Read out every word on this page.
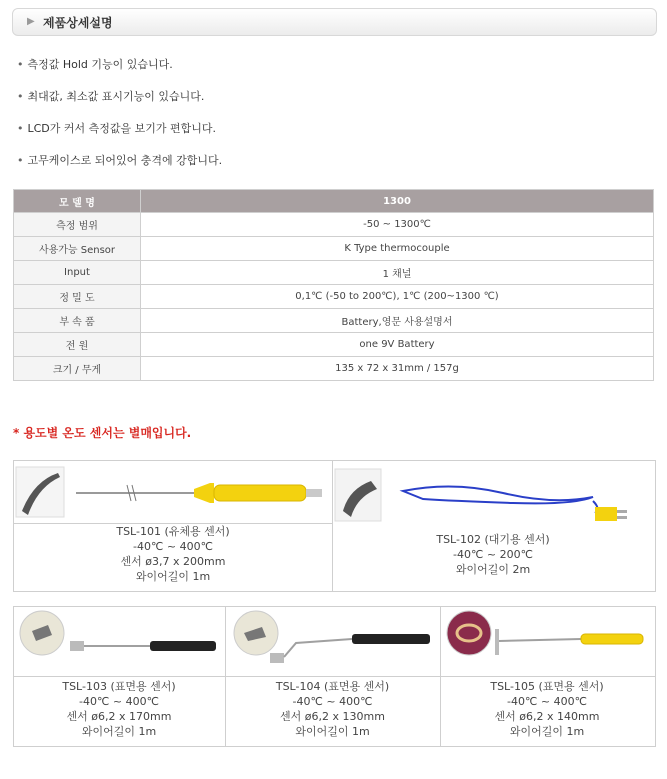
▶ 제품상세설명
• 측정값 Hold 기능이 있습니다.
• 최대값, 최소값 표시기능이 있습니다.
• LCD가 커서 측정값을 보기가 편합니다.
• 고무케이스로 되어있어 충격에 강합니다.
모 델 명	1300
측정 범위	-50 ~ 1300℃
사용가능 Sensor	K Type thermocouple
Input	1 채널
정 밀 도	0,1℃ (-50 to 200℃), 1℃ (200~1300 ℃)
부 속 품	Battery,영문 사용설명서
전 원	one 9V Battery
크기 / 무게	135 x 72 x 31mm / 157g
* 용도별 온도 센서는 별매입니다.
TSL-101 (유체용 센서)
-40℃ ~ 400℃
센서 ø3,7 x 200mm
와이어길이 1m
TSL-102 (대기용 센서)
-40℃ ~ 200℃
와이어길이 2m
TSL-103 (표면용 센서)
-40℃ ~ 400℃
센서 ø6,2 x 170mm
와이어길이 1m
TSL-104 (표면용 센서)
-40℃ ~ 400℃
센서 ø6,2 x 130mm
와이어길이 1m
TSL-105 (표면용 센서)
-40℃ ~ 400℃
센서 ø6,2 x 140mm
와이어길이 1m
